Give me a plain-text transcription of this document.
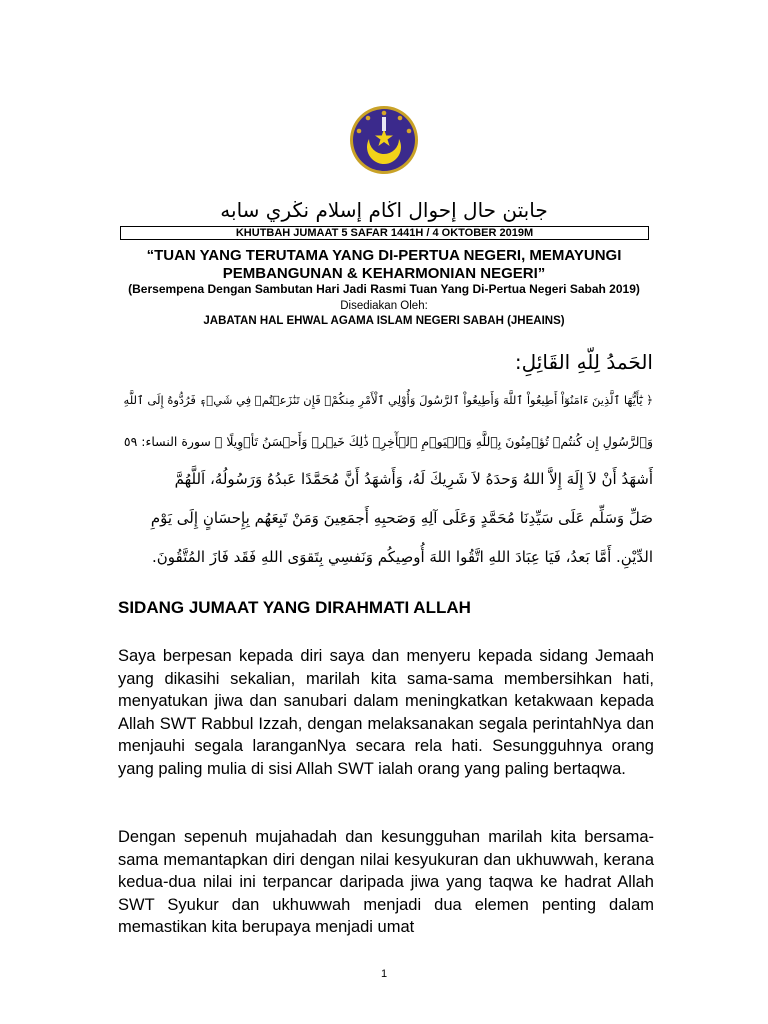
جابتن حال إحوال اڬام إسلام نڬري سابه
KHUTBAH JUMAAT 5 SAFAR 1441H / 4 OKTOBER 2019M
“TUAN YANG TERUTAMA YANG DI-PERTUA NEGERI, MEMAYUNGI
PEMBANGUNAN & KEHARMONIAN NEGERI”
(Bersempena Dengan Sambutan Hari Jadi Rasmi Tuan Yang Di-Pertua Negeri Sabah 2019)
Disediakan Oleh:
JABATAN HAL EHWAL AGAMA ISLAM NEGERI SABAH (JHEAINS)
الحَمدُ لِلّهِ القَائِلِ:
﴿ يَٰٓأَيُّهَا ٱلَّذِينَ ءَامَنُوٓاْ أَطِيعُواْ ٱللَّهَ وَأَطِيعُواْ ٱلرَّسُولَ وَأُوْلِي ٱلْأَمْرِ مِنكُمْۖ فَإِن تَنَٰزَعۡتُمۡ فِي شَيۡءٖ فَرُدُّوهُ إِلَى ٱللَّهِ
وَٱلرَّسُولِ إِن كُنتُمۡ تُؤۡمِنُونَ بِٱللَّهِ وَٱلۡيَوۡمِ ٱلۡأٓخِرِۚ ذَٰلِكَ خَيۡرٞ وَأَحۡسَنُ تَأۡوِيلًا ﴾ سورة النساء: ٥٩
أَشهَدُ أَنْ لاَ إِلَهَ إِلاَّ اللهُ وَحدَهُ لاَ شَرِيكَ لَهُ، وَأَشهَدُ أَنَّ مُحَمَّدًا عَبدُهُ وَرَسُولُهُ، اَللَّهُمَّ
صَلِّ وَسَلِّم عَلَى سَيِّدِنَا مُحَمَّدٍ وَعَلَى آلِهِ وَصَحبِهِ أَجمَعِينَ وَمَنْ تَبِعَهُم بِإِحسَانٍ إِلَى يَوْمِ
الدِّيْنِ. أَمَّا بَعدُ، فَيَا عِبَادَ اللهِ اتَّقُوا اللهَ أُوصِيكُم وَنَفسِي بِتَقوَى اللهِ فَقَد فَازَ المُتَّقُونَ.
SIDANG JUMAAT YANG DIRAHMATI ALLAH
Saya berpesan kepada diri saya dan menyeru kepada sidang Jemaah yang dikasihi sekalian, marilah kita sama-sama membersihkan hati, menyatukan jiwa dan sanubari dalam meningkatkan ketakwaan kepada Allah SWT Rabbul Izzah, dengan melaksanakan segala perintahNya dan menjauhi segala laranganNya secara rela hati. Sesungguhnya orang yang paling mulia di sisi Allah SWT ialah orang yang paling bertaqwa.
Dengan sepenuh mujahadah dan kesungguhan marilah kita bersama-sama memantapkan diri dengan nilai kesyukuran dan ukhuwwah, kerana kedua-dua nilai ini terpancar daripada jiwa yang taqwa ke hadrat Allah SWT Syukur dan ukhuwwah menjadi dua elemen penting dalam memastikan kita berupaya menjadi umat
1
